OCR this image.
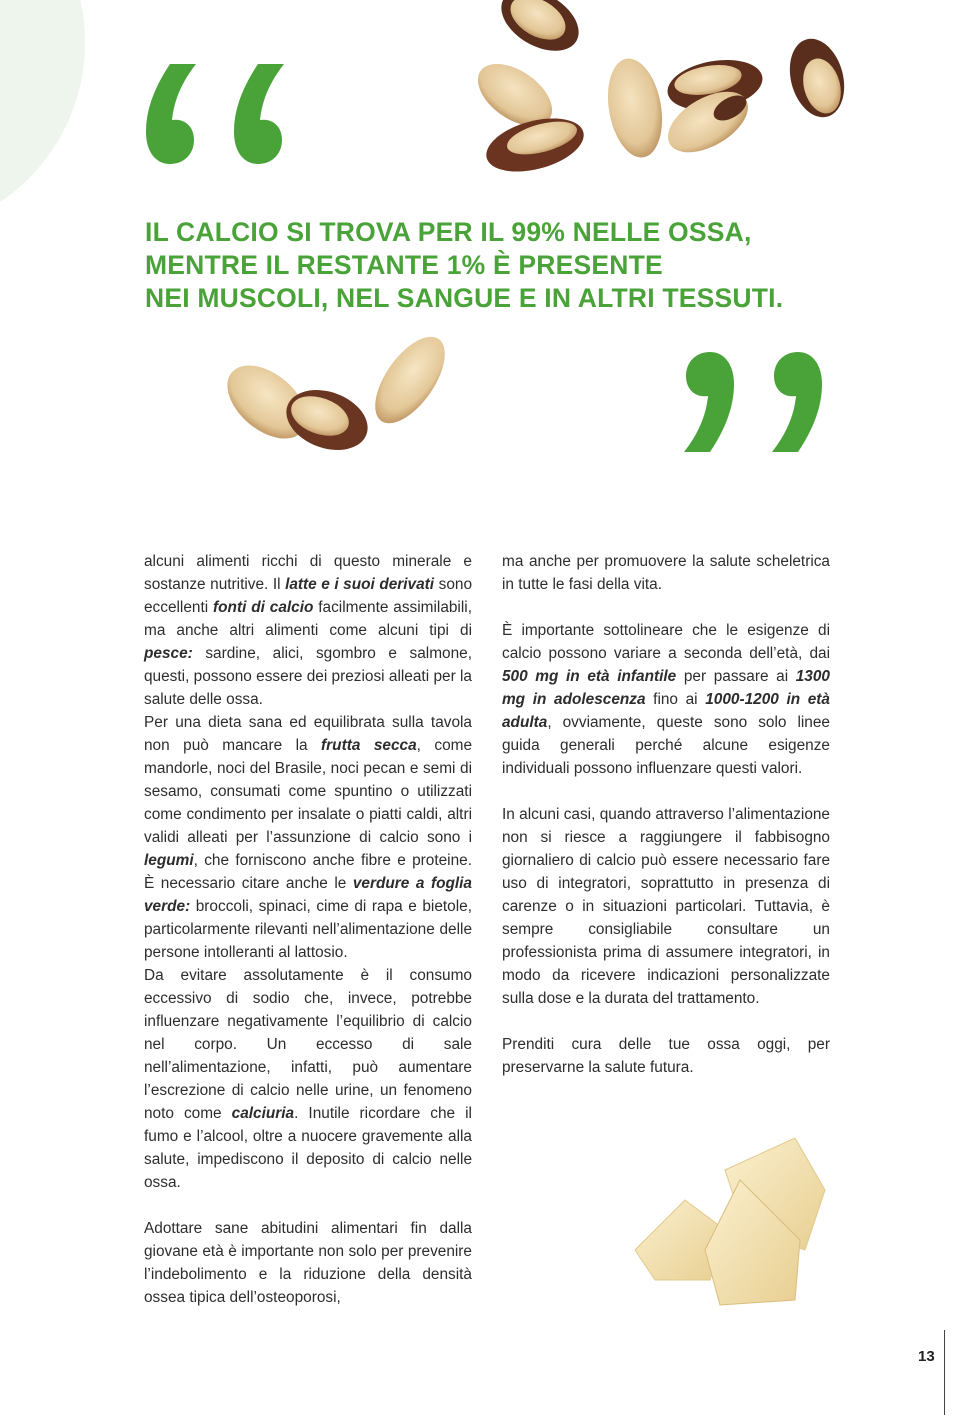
IL CALCIO SI TROVA PER IL 99% NELLE OSSA,
MENTRE IL RESTANTE 1% È PRESENTE
NEI MUSCOLI, NEL SANGUE E IN ALTRI TESSUTI.

alcuni alimenti ricchi di questo minerale e sostanze nutritive. Il latte e i suoi derivati sono eccellenti fonti di calcio facilmente assimilabili, ma anche altri alimenti come alcuni tipi di pesce: sardine, alici, sgombro e salmone, questi, possono essere dei preziosi alleati per la salute delle ossa.

Per una dieta sana ed equilibrata sulla tavola non può mancare la frutta secca, come mandorle, noci del Brasile, noci pecan e semi di sesamo, consumati come spuntino o utilizzati come condimento per insalate o piatti caldi, altri validi alleati per l’assunzione di calcio sono i legumi, che forniscono anche fibre e proteine. È necessario citare anche le verdure a foglia verde: broccoli, spinaci, cime di rapa e bietole, particolarmente rilevanti nell’alimentazione delle persone intolleranti al lattosio.

Da evitare assolutamente è il consumo eccessivo di sodio che, invece, potrebbe influenzare negativamente l’equilibrio di calcio nel corpo. Un eccesso di sale nell’alimentazione, infatti, può aumentare l’escrezione di calcio nelle urine, un fenomeno noto come calciuria. Inutile ricordare che il fumo e l’alcool, oltre a nuocere gravemente alla salute, impediscono il deposito di calcio nelle ossa.

Adottare sane abitudini alimentari fin dalla giovane età è importante non solo per prevenire l’indebolimento e la riduzione della densità ossea tipica dell’osteoporosi,

ma anche per promuovere la salute scheletrica in tutte le fasi della vita.

È importante sottolineare che le esigenze di calcio possono variare a seconda dell’età, dai 500 mg in età infantile per passare ai 1300 mg in adolescenza fino ai 1000-1200 in età adulta, ovviamente, queste sono solo linee guida generali perché alcune esigenze individuali possono influenzare questi valori.

In alcuni casi, quando attraverso l’alimentazione non si riesce a raggiungere il fabbisogno giornaliero di calcio può essere necessario fare uso di integratori, soprattutto in presenza di carenze o in situazioni particolari. Tuttavia, è sempre consigliabile consultare un professionista prima di assumere integratori, in modo da ricevere indicazioni personalizzate sulla dose e la durata del trattamento.

Prenditi cura delle tue ossa oggi, per preservarne la salute futura.

13
